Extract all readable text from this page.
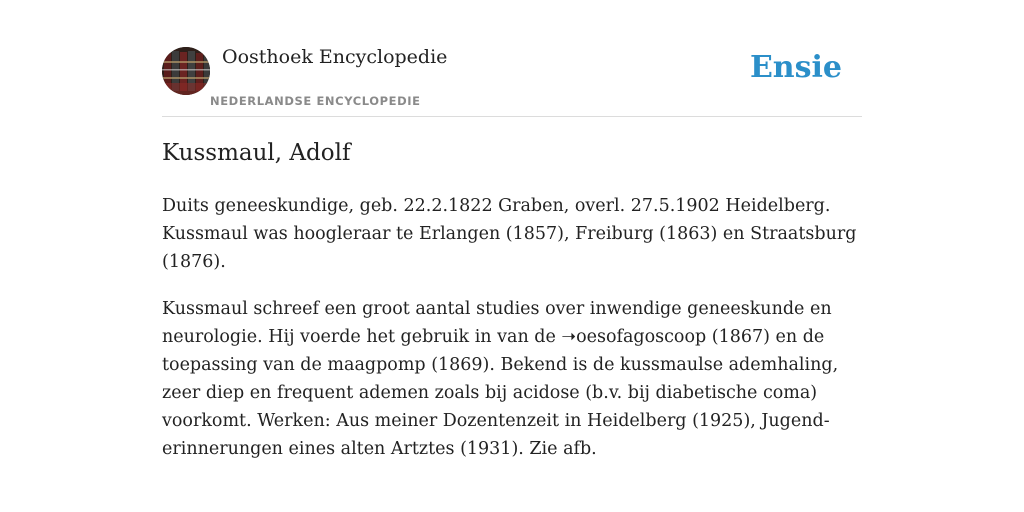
Oosthoek Encyclopedie
NEDERLANDSE ENCYCLOPEDIE
Ensie
Kussmaul, Adolf

Duits geneeskundige, geb. 22.2.1822 Graben, overl. 27.5.1902 Heidelberg. Kussmaul was hoogleraar te Erlangen (1857), Freiburg (1863) en Straatsburg (1876).

Kussmaul schreef een groot aantal studies over inwendige geneeskunde en neurologie. Hij voerde het gebruik in van de ➝oesofagoscoop (1867) en de toepassing van de maagpomp (1869). Bekend is de kussmaulse ademhaling, zeer diep en frequent ademen zoals bij acidose (b.v. bij diabetische coma) voorkomt. Werken: Aus meiner Dozentenzeit in Heidelberg (1925), Jugend-erinnerungen eines alten Artztes (1931). Zie afb.
